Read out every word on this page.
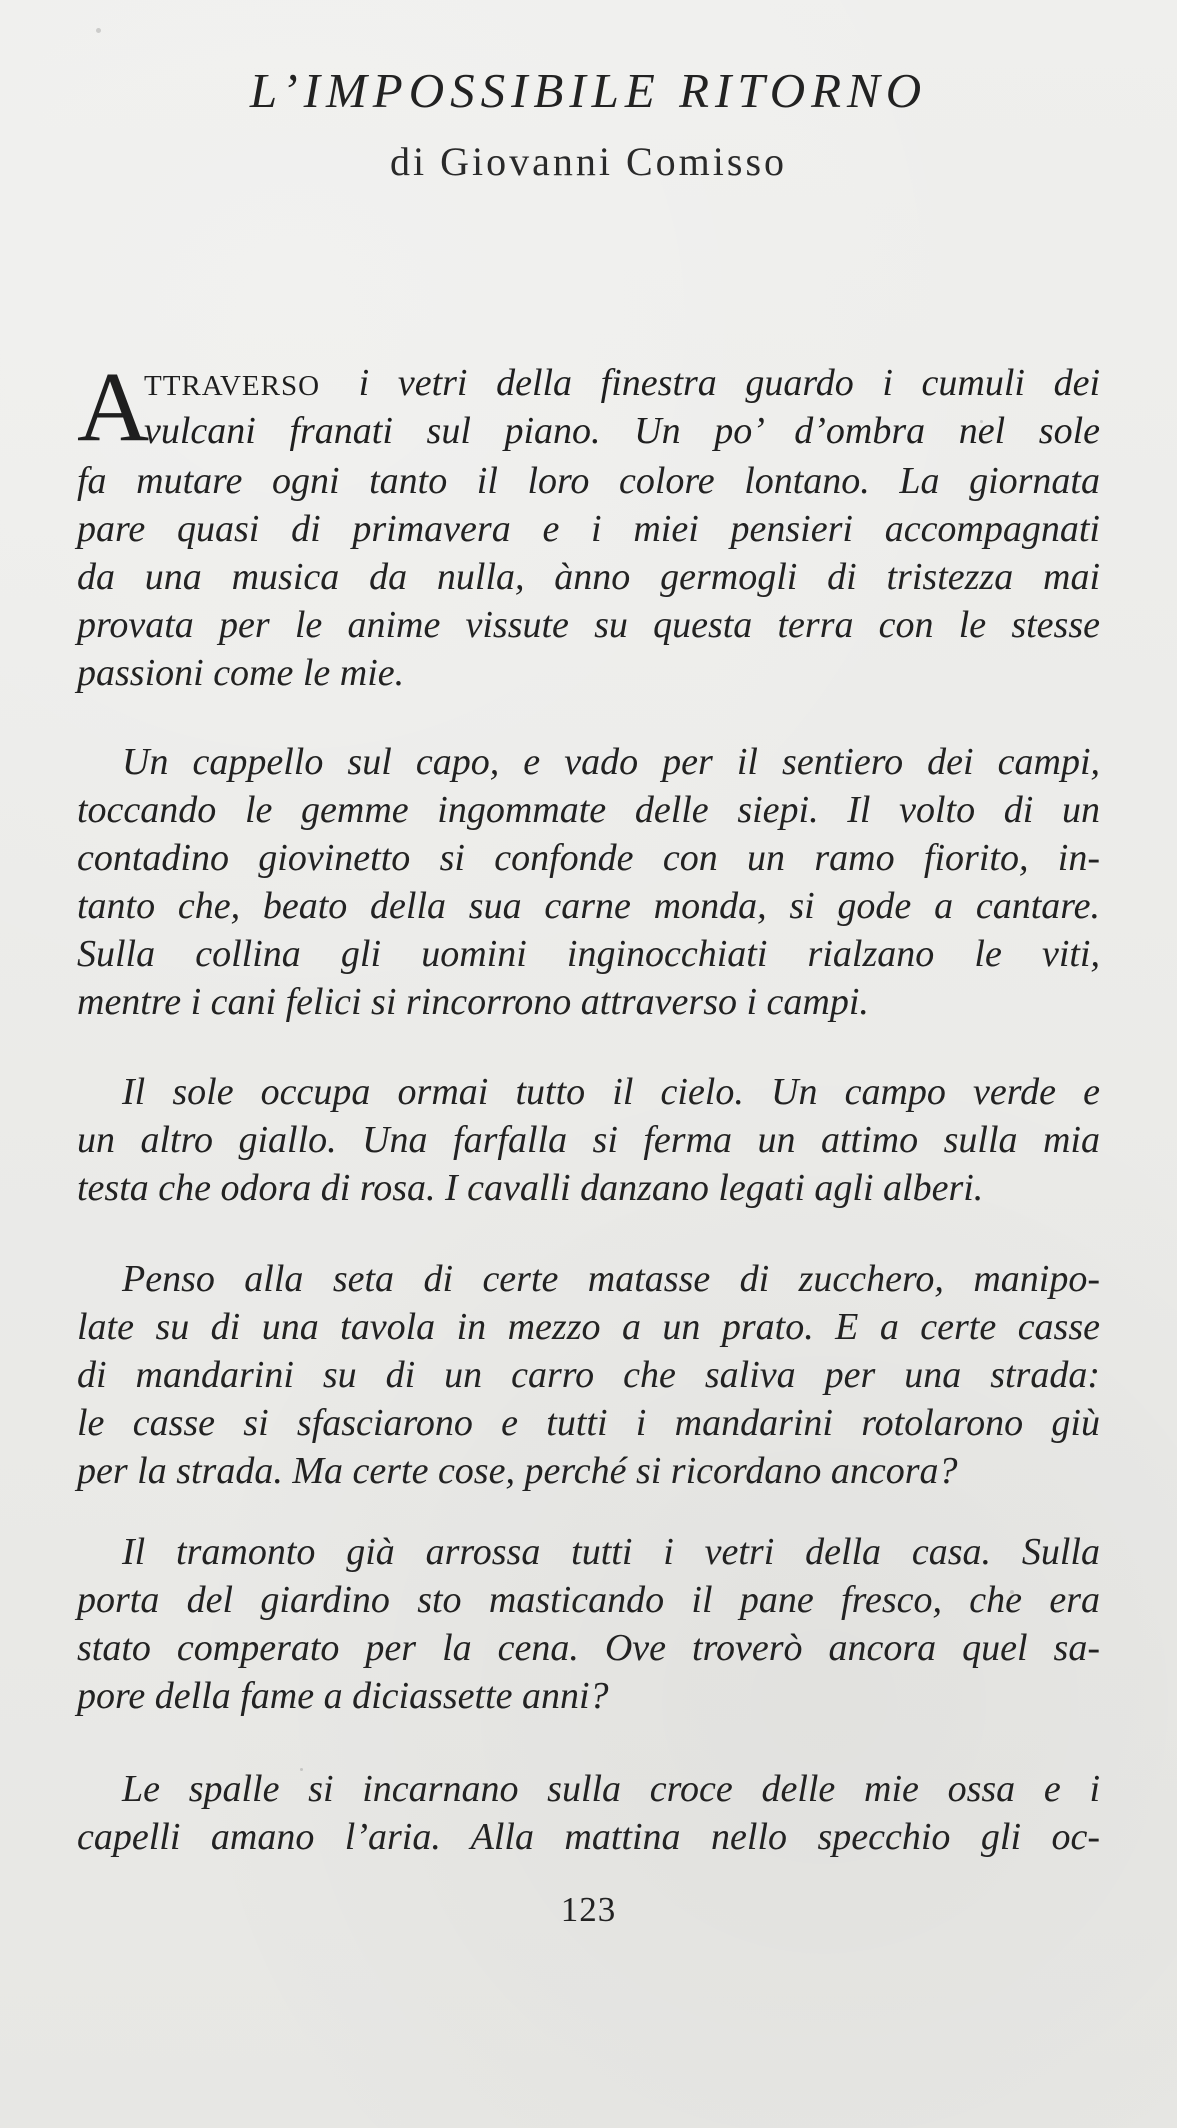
L’IMPOSSIBILE RITORNO
di Giovanni Comisso
A
TTRAVERSO i vetri della finestra guardo i cumuli dei
vulcani franati sul piano. Un po’ d’ombra nel sole
fa mutare ogni tanto il loro colore lontano. La giornata
pare quasi di primavera e i miei pensieri accompagnati
da una musica da nulla, ànno germogli di tristezza mai
provata per le anime vissute su questa terra con le stesse
passioni come le mie.
Un cappello sul capo, e vado per il sentiero dei campi,
toccando le gemme ingommate delle siepi. Il volto di un
contadino giovinetto si confonde con un ramo fiorito, in-
tanto che, beato della sua carne monda, si gode a cantare.
Sulla collina gli uomini inginocchiati rialzano le viti,
mentre i cani felici si rincorrono attraverso i campi.
Il sole occupa ormai tutto il cielo. Un campo verde e
un altro giallo. Una farfalla si ferma un attimo sulla mia
testa che odora di rosa. I cavalli danzano legati agli alberi.
Penso alla seta di certe matasse di zucchero, manipo-
late su di una tavola in mezzo a un prato. E a certe casse
di mandarini su di un carro che saliva per una strada:
le casse si sfasciarono e tutti i mandarini rotolarono giù
per la strada. Ma certe cose, perché si ricordano ancora?
Il tramonto già arrossa tutti i vetri della casa. Sulla
porta del giardino sto masticando il pane fresco, che era
stato comperato per la cena. Ove troverò ancora quel sa-
pore della fame a diciassette anni?
Le spalle si incarnano sulla croce delle mie ossa e i
capelli amano l’aria. Alla mattina nello specchio gli oc-
123
